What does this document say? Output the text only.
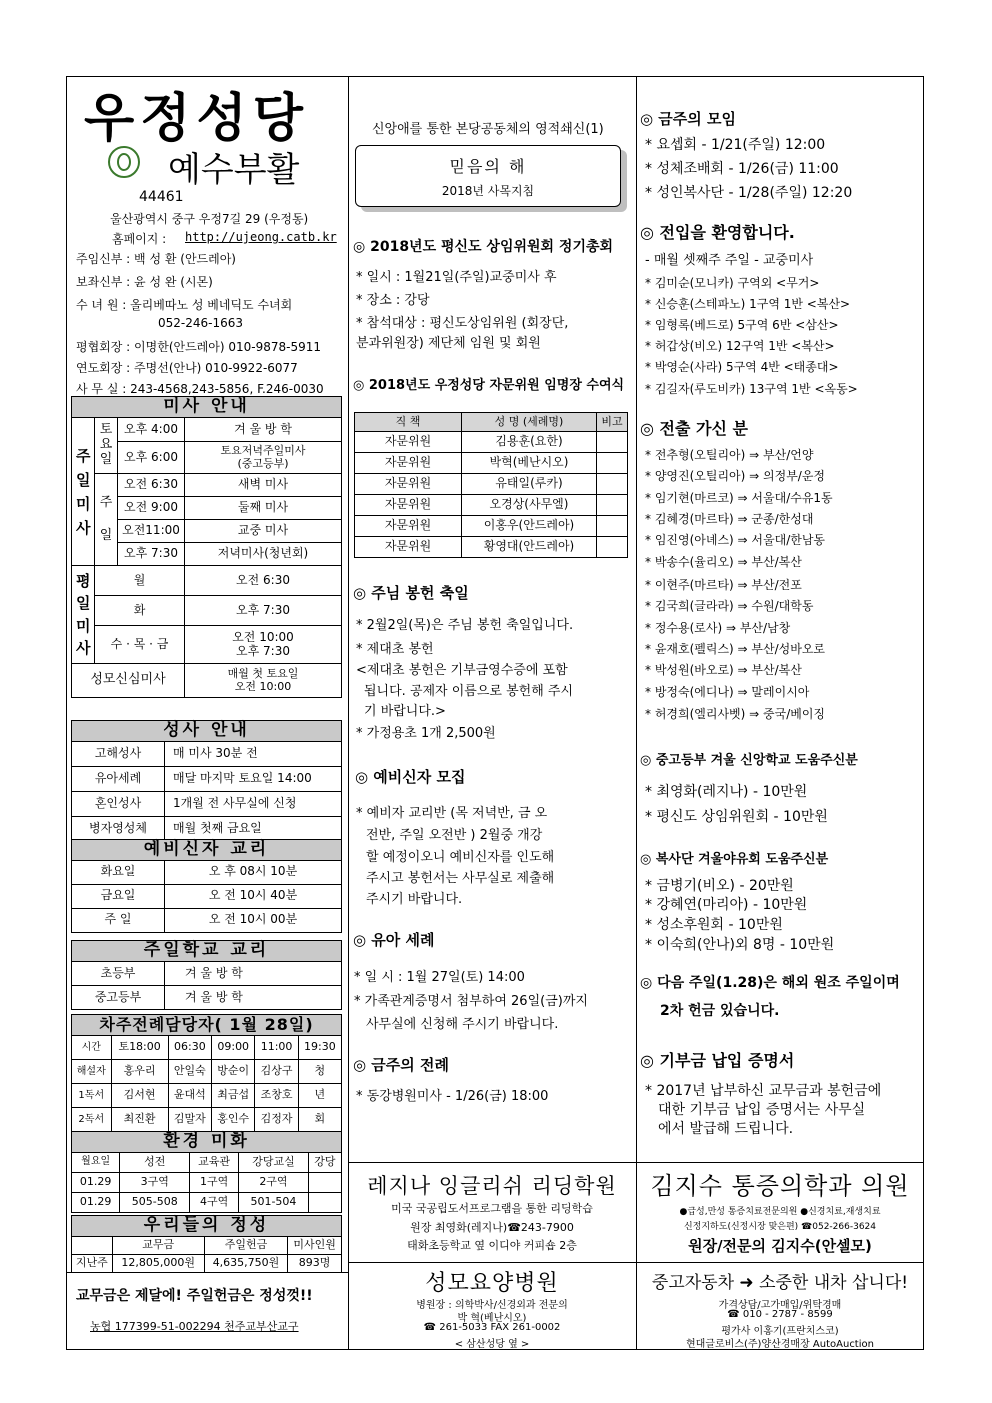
우정성당
예수부활
44461
울산광역시 중구 우정7길 29 (우정동)
홈페이지 : http://ujeong.catb.kr
주임신부 : 백 성 환 (안드레아)
보좌신부 : 윤 성 완 (시몬)
수 녀 원 : 올리베따노 성 베네딕도 수녀회
052-246-1663
평협회장 : 이명한(안드레아) 010-9878-5911
연도회장 : 주명선(안나) 010-9922-6077
사 무 실 : 243-4568,243-5856, F.246-0030
미사 안내			
주일미사	토요일	오후 4:00	겨 울 방 학
		오후 6:00	토요저녁주일미사
(중고등부)
	주일	오전 6:30	새벽 미사
		오전 9:00	둘째 미사
		오전11:00	교중 미사
		오후 7:30	저녁미사(청년회)
평일미사	월		오전 6:30
	화		오후 7:30
	수 · 목 · 금		오전 10:00
오후 7:30
성모신심미사			매월 첫 토요일
오전 10:00
성사 안내	
고해성사	매 미사 30분 전
유아세례	매달 마지막 토요일 14:00
혼인성사	1개월 전 사무실에 신청
병자영성체	매월 첫째 금요일
예비신자 교리	
화요일	오 후 08시 10분
금요일	오 전 10시 40분
주 일	오 전 10시 00분
주일학교 교리	
초등부	겨 울 방 학
중고등부	겨 울 방 학
차주전례담당자( 1월 28일)					
시간	토18:00	06:30	09:00	11:00	19:30
해설자	홍우리	안일숙	방순이	김상구	청
1독서	김서현	윤대석	최금섭	조창호	년
2독서	최진환	김말자	홍인수	김정자	회
환경 미화				
월요일	성전	교육관	강당교실	강당
01.29	3구역	1구역	2구역	
01.29	505-508	4구역	501-504	
우리들의 정성			
	교무금	주일헌금	미사인원
지난주	12,805,000원	4,635,750원	893명
교무금은 제달에! 주일헌금은 정성껏!!
농협 177399-51-002294 천주교부산교구
신앙애를 통한 본당공동체의 영적쇄신(1)
믿음의 해
2018년 사목지침
◎ 2018년도 평신도 상임위원회 정기총회
* 일시 : 1월21일(주일)교중미사 후
* 장소 : 강당
* 참석대상 : 평신도상임위원 (회장단,
분과위원장) 제단체 임원 및 회원
◎ 2018년도 우정성당 자문위원 임명장 수여식
직 책	성 명 (세례명)	비고
자문위원	김용훈(요한)	
자문위원	박혁(베난시오)	
자문위원	유태일(루카)	
자문위원	오경상(사무엘)	
자문위원	이홍우(안드레아)	
자문위원	황영대(안드레아)	
◎ 주님 봉헌 축일
* 2월2일(목)은 주님 봉헌 축일입니다.
* 제대초 봉헌
<제대초 봉헌은 기부금영수증에 포함
됩니다. 공제자 이름으로 봉헌해 주시
기 바랍니다.>
* 가정용초 1개 2,500원
◎ 예비신자 모집
* 예비자 교리반 (목 저녁반, 금 오
전반, 주일 오전반 ) 2월중 개강
할 예정이오니 예비신자를 인도해
주시고 봉헌서는 사무실로 제출해
주시기 바랍니다.
◎ 유아 세례
* 일 시 : 1월 27일(토) 14:00
* 가족관계증명서 첨부하여 26일(금)까지
사무실에 신청해 주시기 바랍니다.
◎ 금주의 전례
* 동강병원미사 - 1/26(금) 18:00
◎ 금주의 모임
* 요셉회 - 1/21(주일) 12:00
* 성체조배회 - 1/26(금) 11:00
* 성인복사단 - 1/28(주일) 12:20
◎ 전입을 환영합니다.
- 매월 셋째주 주일 - 교중미사
* 김미순(모니카) 구역외 <무거>
* 신승훈(스테파노) 1구역 1반 <복산>
* 임형록(베드로) 5구역 6반 <삼산>
* 허갑상(비오) 12구역 1반 <복산>
* 박영순(사라) 5구역 4반 <태종대>
* 김길자(루도비카) 13구역 1반 <옥동>
◎ 전출 가신 분
* 전추형(오틸리아) ⇒ 부산/언양
* 양영진(오틸리아) ⇒ 의정부/운정
* 임기현(마르코) ⇒ 서울대/수유1동
* 김혜경(마르타) ⇒ 군종/한성대
* 임진영(아녜스) ⇒ 서울대/한남동
* 박송수(율리오) ⇒ 부산/복산
* 이현주(마르타) ⇒ 부산/전포
* 김국희(글라라) ⇒ 수원/대학동
* 정수용(로사) ⇒ 부산/남창
* 윤재호(펠릭스) ⇒ 부산/성바오로
* 박성원(바오로) ⇒ 부산/복산
* 방정숙(에디나) ⇒ 말레이시아
* 허경희(엘리사벳) ⇒ 중국/베이징
◎ 중고등부 겨울 신앙학교 도움주신분
* 최영화(레지나) - 10만원
* 평신도 상임위원회 - 10만원
◎ 복사단 겨울야유회 도움주신분
* 금병기(비오) - 20만원
* 강혜연(마리아) - 10만원
* 성소후원회 - 10만원
* 이숙희(안나)외 8명 - 10만원
◎ 다음 주일(1.28)은 해외 원조 주일이며
2차 헌금 있습니다.
◎ 기부금 납입 증명서
* 2017년 납부하신 교무금과 봉헌금에
대한 기부금 납입 증명서는 사무실
에서 발급해 드립니다.
레지나 잉글리쉬 리딩학원
미국 국공립도서프로그램을 통한 리딩학습
원장 최영화(레지나)☎243-7900
태화초등학교 옆 이디야 커피숍 2층
김지수 통증의학과 의원
●급성,만성 통증치료전문의원 ●신경치료,재생치료
신정지하도(신정시장 맞은편) ☎052-266-3624
원장/전문의 김지수(안셀모)
성모요양병원
병원장 : 의학박사/신경외과 전문의
박 혁(베난시오)
☎ 261-5033 FAX 261-0002
< 삼산성당 옆 >
중고자동차 ➜ 소중한 내차 삽니다!
가격상담/고가매입/위탁경매
☎ 010 - 2787 - 8599
평가사 이홍기(프란치스코)
현대글로비스(주)양산경매장 AutoAuction
